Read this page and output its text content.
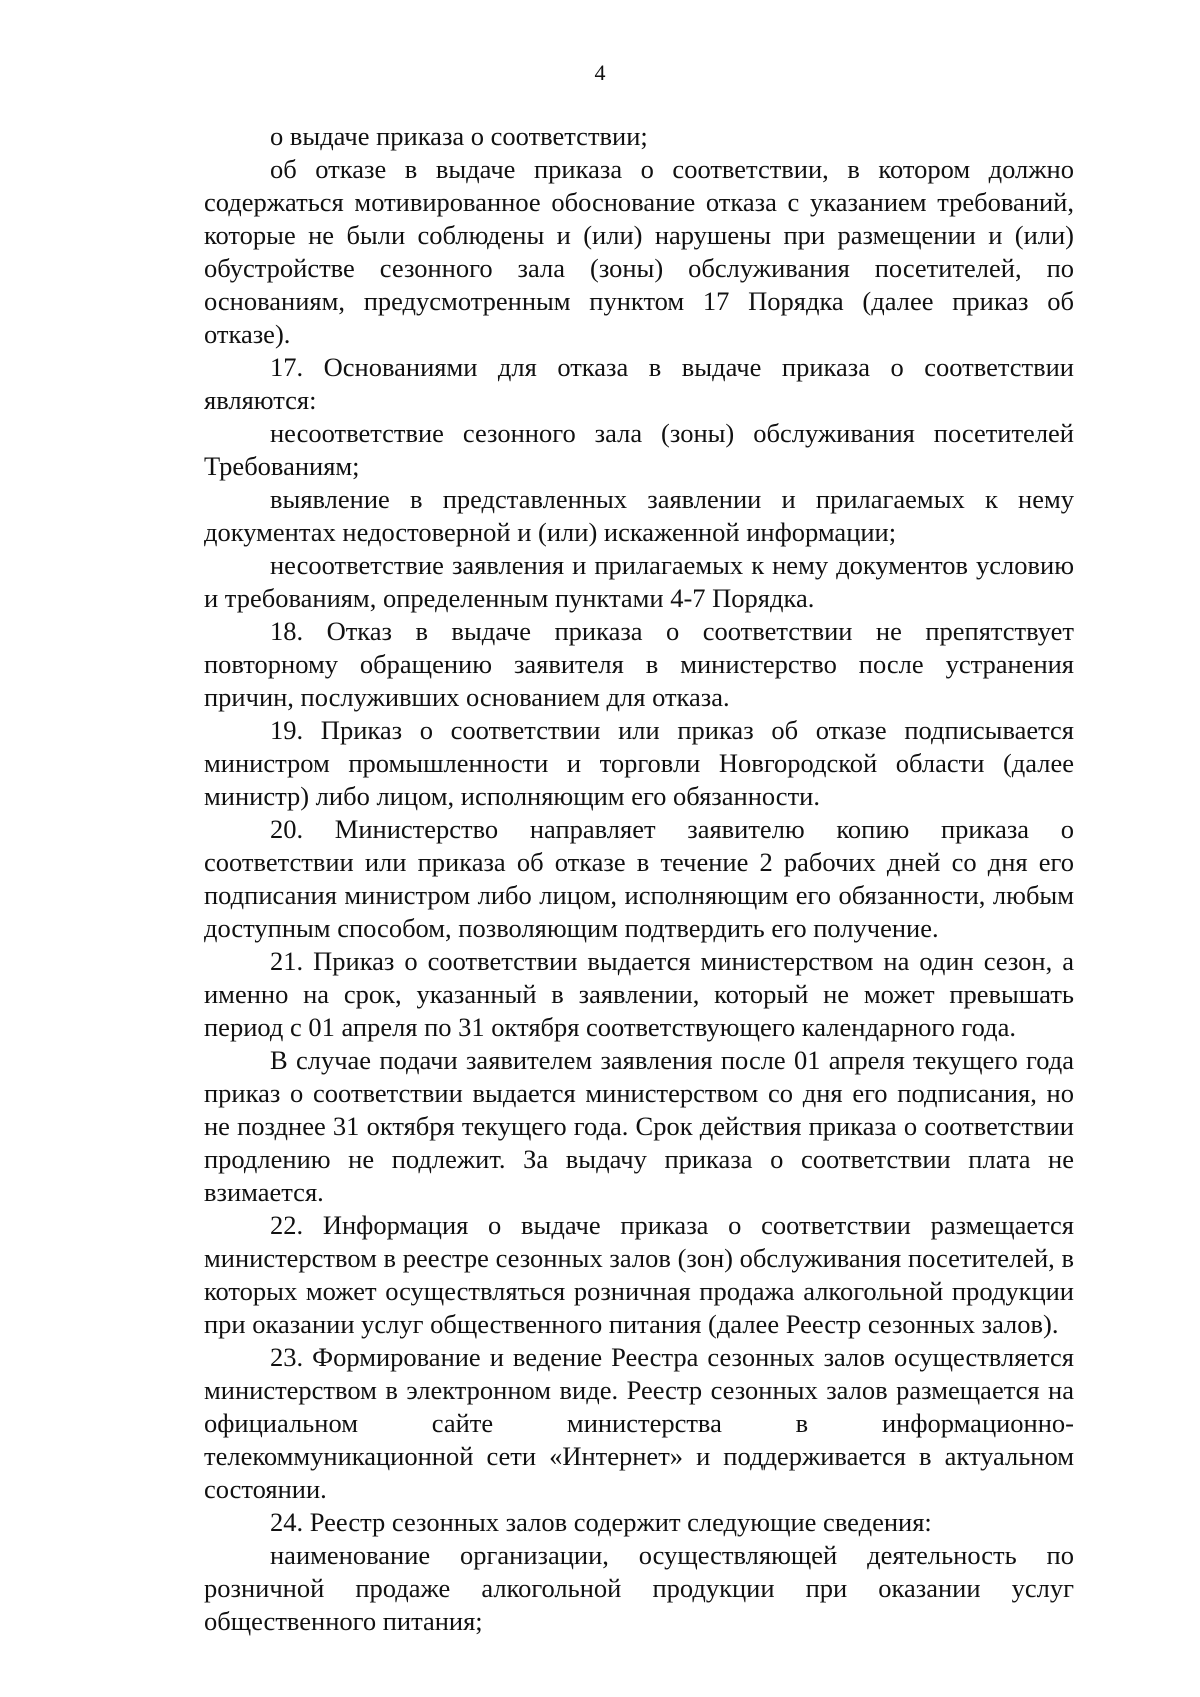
4

о выдаче приказа о соответствии;

об отказе в выдаче приказа о соответствии, в котором должно содержаться мотивированное обоснование отказа с указанием требований, которые не были соблюдены и (или) нарушены при размещении и (или) обустройстве сезонного зала (зоны) обслуживания посетителей, по основаниям, предусмотренным пунктом 17 Порядка (далее приказ об отказе).

17. Основаниями для отказа в выдаче приказа о соответствии являются:

несоответствие сезонного зала (зоны) обслуживания посетителей Требованиям;

выявление в представленных заявлении и прилагаемых к нему документах недостоверной и (или) искаженной информации;

несоответствие заявления и прилагаемых к нему документов условию и требованиям, определенным пунктами 4-7 Порядка.

18. Отказ в выдаче приказа о соответствии не препятствует повторному обращению заявителя в министерство после устранения причин, послуживших основанием для отказа.

19. Приказ о соответствии или приказ об отказе подписывается министром промышленности и торговли Новгородской области (далее министр) либо лицом, исполняющим его обязанности.

20. Министерство направляет заявителю копию приказа о соответствии или приказа об отказе в течение 2 рабочих дней со дня его подписания министром либо лицом, исполняющим его обязанности, любым доступным способом, позволяющим подтвердить его получение.

21. Приказ о соответствии выдается министерством на один сезон, а именно на срок, указанный в заявлении, который не может превышать период с 01 апреля по 31 октября соответствующего календарного года.

В случае подачи заявителем заявления после 01 апреля текущего года приказ о соответствии выдается министерством со дня его подписания, но не позднее 31 октября текущего года. Срок действия приказа о соответствии продлению не подлежит. За выдачу приказа о соответствии плата не взимается.

22. Информация о выдаче приказа о соответствии размещается министерством в реестре сезонных залов (зон) обслуживания посетителей, в которых может осуществляться розничная продажа алкогольной продукции при оказании услуг общественного питания (далее Реестр сезонных залов).

23. Формирование и ведение Реестра сезонных залов осуществляется министерством в электронном виде. Реестр сезонных залов размещается на официальном сайте министерства в информационно-телекоммуникационной сети «Интернет» и поддерживается в актуальном состоянии.

24. Реестр сезонных залов содержит следующие сведения:

наименование организации, осуществляющей деятельность по розничной продаже алкогольной продукции при оказании услуг общественного питания;
